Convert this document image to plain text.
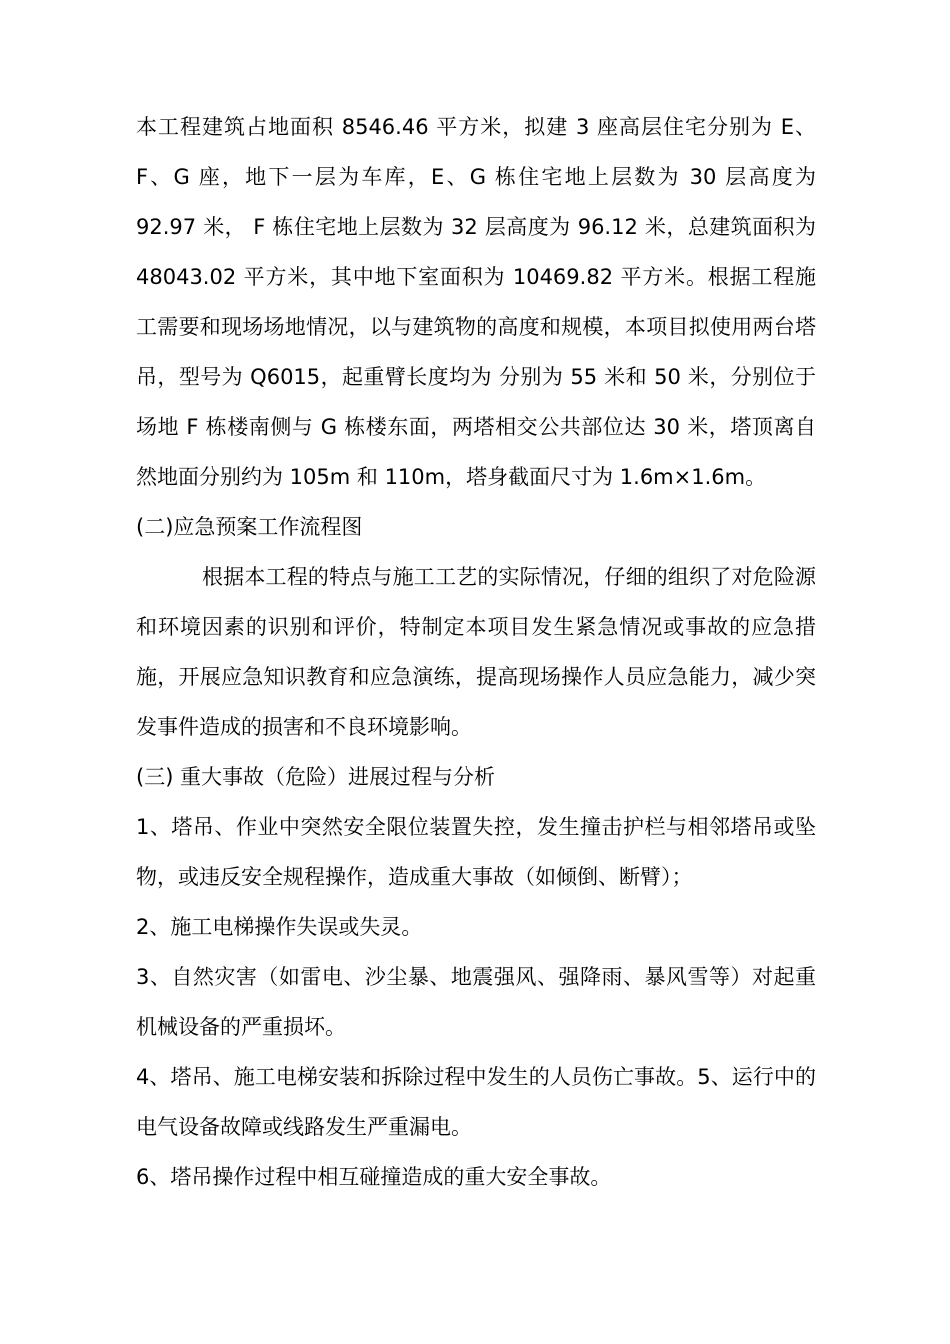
本工程建筑占地面积 8546.46 平方米，拟建 3 座高层住宅分别为 E、F、G 座，地下一层为车库，E、G 栋住宅地上层数为 30 层高度为 92.97 米， F 栋住宅地上层数为 32 层高度为 96.12 米，总建筑面积为 48043.02 平方米，其中地下室面积为 10469.82 平方米。根据工程施工需要和现场场地情况，以与建筑物的高度和规模，本项目拟使用两台塔吊，型号为 Q6015，起重臂长度均为 分别为 55 米和 50 米，分别位于场地 F 栋楼南侧与 G 栋楼东面，两塔相交公共部位达 30 米，塔顶离自然地面分别约为 105m 和 110m，塔身截面尺寸为 1.6m×1.6m。

(二)应急预案工作流程图

根据本工程的特点与施工工艺的实际情况，仔细的组织了对危险源和环境因素的识别和评价，特制定本项目发生紧急情况或事故的应急措施，开展应急知识教育和应急演练，提高现场操作人员应急能力，减少突发事件造成的损害和不良环境影响。

(三) 重大事故（危险）进展过程与分析

1、塔吊、作业中突然安全限位装置失控，发生撞击护栏与相邻塔吊或坠物，或违反安全规程操作，造成重大事故（如倾倒、断臂）；

2、施工电梯操作失误或失灵。

3、自然灾害（如雷电、沙尘暴、地震强风、强降雨、暴风雪等）对起重机械设备的严重损坏。

4、塔吊、施工电梯安装和拆除过程中发生的人员伤亡事故。5、运行中的电气设备故障或线路发生严重漏电。

6、塔吊操作过程中相互碰撞造成的重大安全事故。
